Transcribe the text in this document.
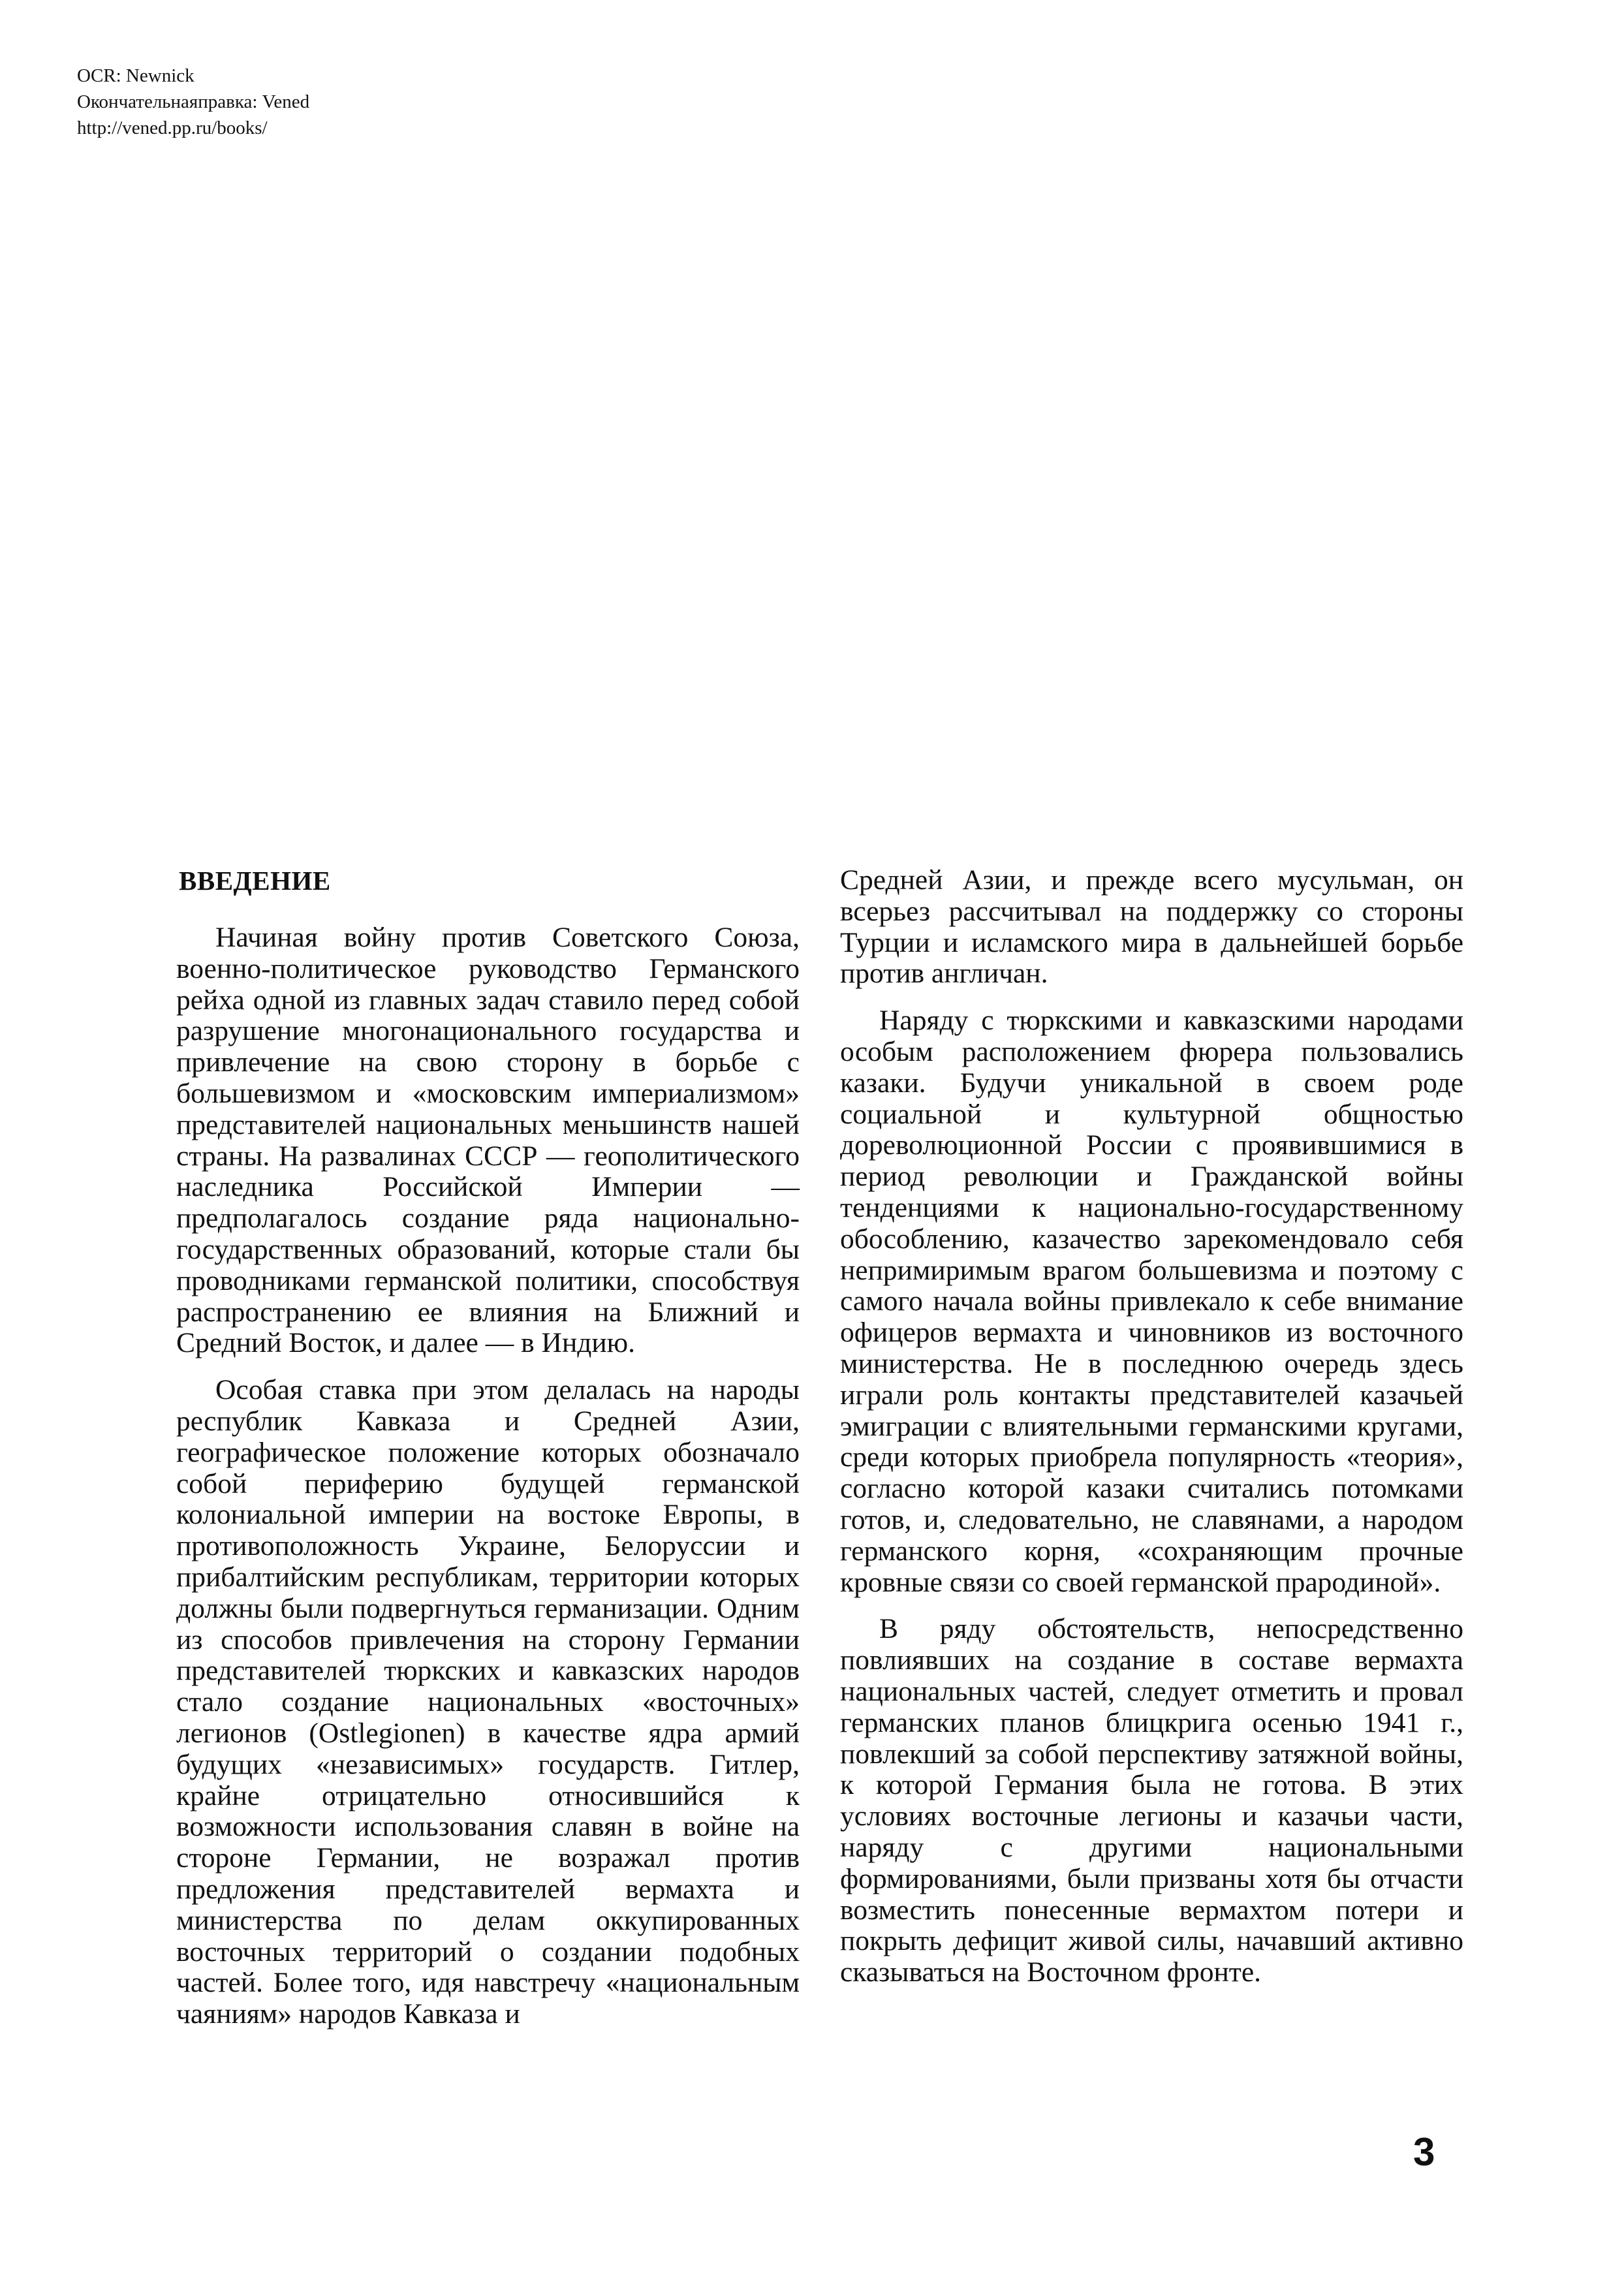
OCR: Newnick
Окончательнаяправка: Vened
http://vened.pp.ru/books/
ВВЕДЕНИЕ

Начиная войну против Советского Союза, военно-политическое руководство Германского рейха одной из главных задач ставило перед собой разрушение многонационального государства и привлечение на свою сторону в борьбе с большевизмом и «московским империализмом» представителей национальных меньшинств нашей страны. На развалинах СССР — геополитического наследника Российской Империи — предполагалось создание ряда национально-государственных образований, которые стали бы проводниками германской политики, способствуя распространению ее влияния на Ближний и Средний Восток, и далее — в Индию.

Особая ставка при этом делалась на народы республик Кавказа и Средней Азии, географическое положение которых обозначало собой периферию будущей германской колониальной империи на востоке Европы, в противоположность Украине, Белоруссии и прибалтийским республикам, территории которых должны были подвергнуться германизации. Одним из способов привлечения на сторону Германии представителей тюркских и кавказских народов стало создание национальных «восточных» легионов (Ostlegionen) в качестве ядра армий будущих «независимых» государств. Гитлер, крайне отрицательно относившийся к возможности использования славян в войне на стороне Германии, не возражал против предложения представителей вермахта и министерства по делам оккупированных восточных территорий о создании подобных частей. Более того, идя навстречу «национальным чаяниям» народов Кавказа и

Средней Азии, и прежде всего мусульман, он всерьез рассчитывал на поддержку со стороны Турции и исламского мира в дальнейшей борьбе против англичан.

Наряду с тюркскими и кавказскими народами особым расположением фюрера пользовались казаки. Будучи уникальной в своем роде социальной и культурной общностью дореволюционной России с проявившимися в период революции и Гражданской войны тенденциями к национально-государственному обособлению, казачество зарекомендовало себя непримиримым врагом большевизма и поэтому с самого начала войны привлекало к себе внимание офицеров вермахта и чиновников из восточного министерства. Не в последнюю очередь здесь играли роль контакты представителей казачьей эмиграции с влиятельными германскими кругами, среди которых приобрела популярность «теория», согласно которой казаки считались потомками готов, и, следовательно, не славянами, а народом германского корня, «сохраняющим прочные кровные связи со своей германской прародиной».

В ряду обстоятельств, непосредственно повлиявших на создание в составе вермахта национальных частей, следует отметить и провал германских планов блицкрига осенью 1941 г., повлекший за собой перспективу затяжной войны, к которой Германия была не готова. В этих условиях восточные легионы и казачьи части, наряду с другими национальными формированиями, были призваны хотя бы отчасти возместить понесенные вермахтом потери и покрыть дефицит живой силы, начавший активно сказываться на Восточном фронте.

3
